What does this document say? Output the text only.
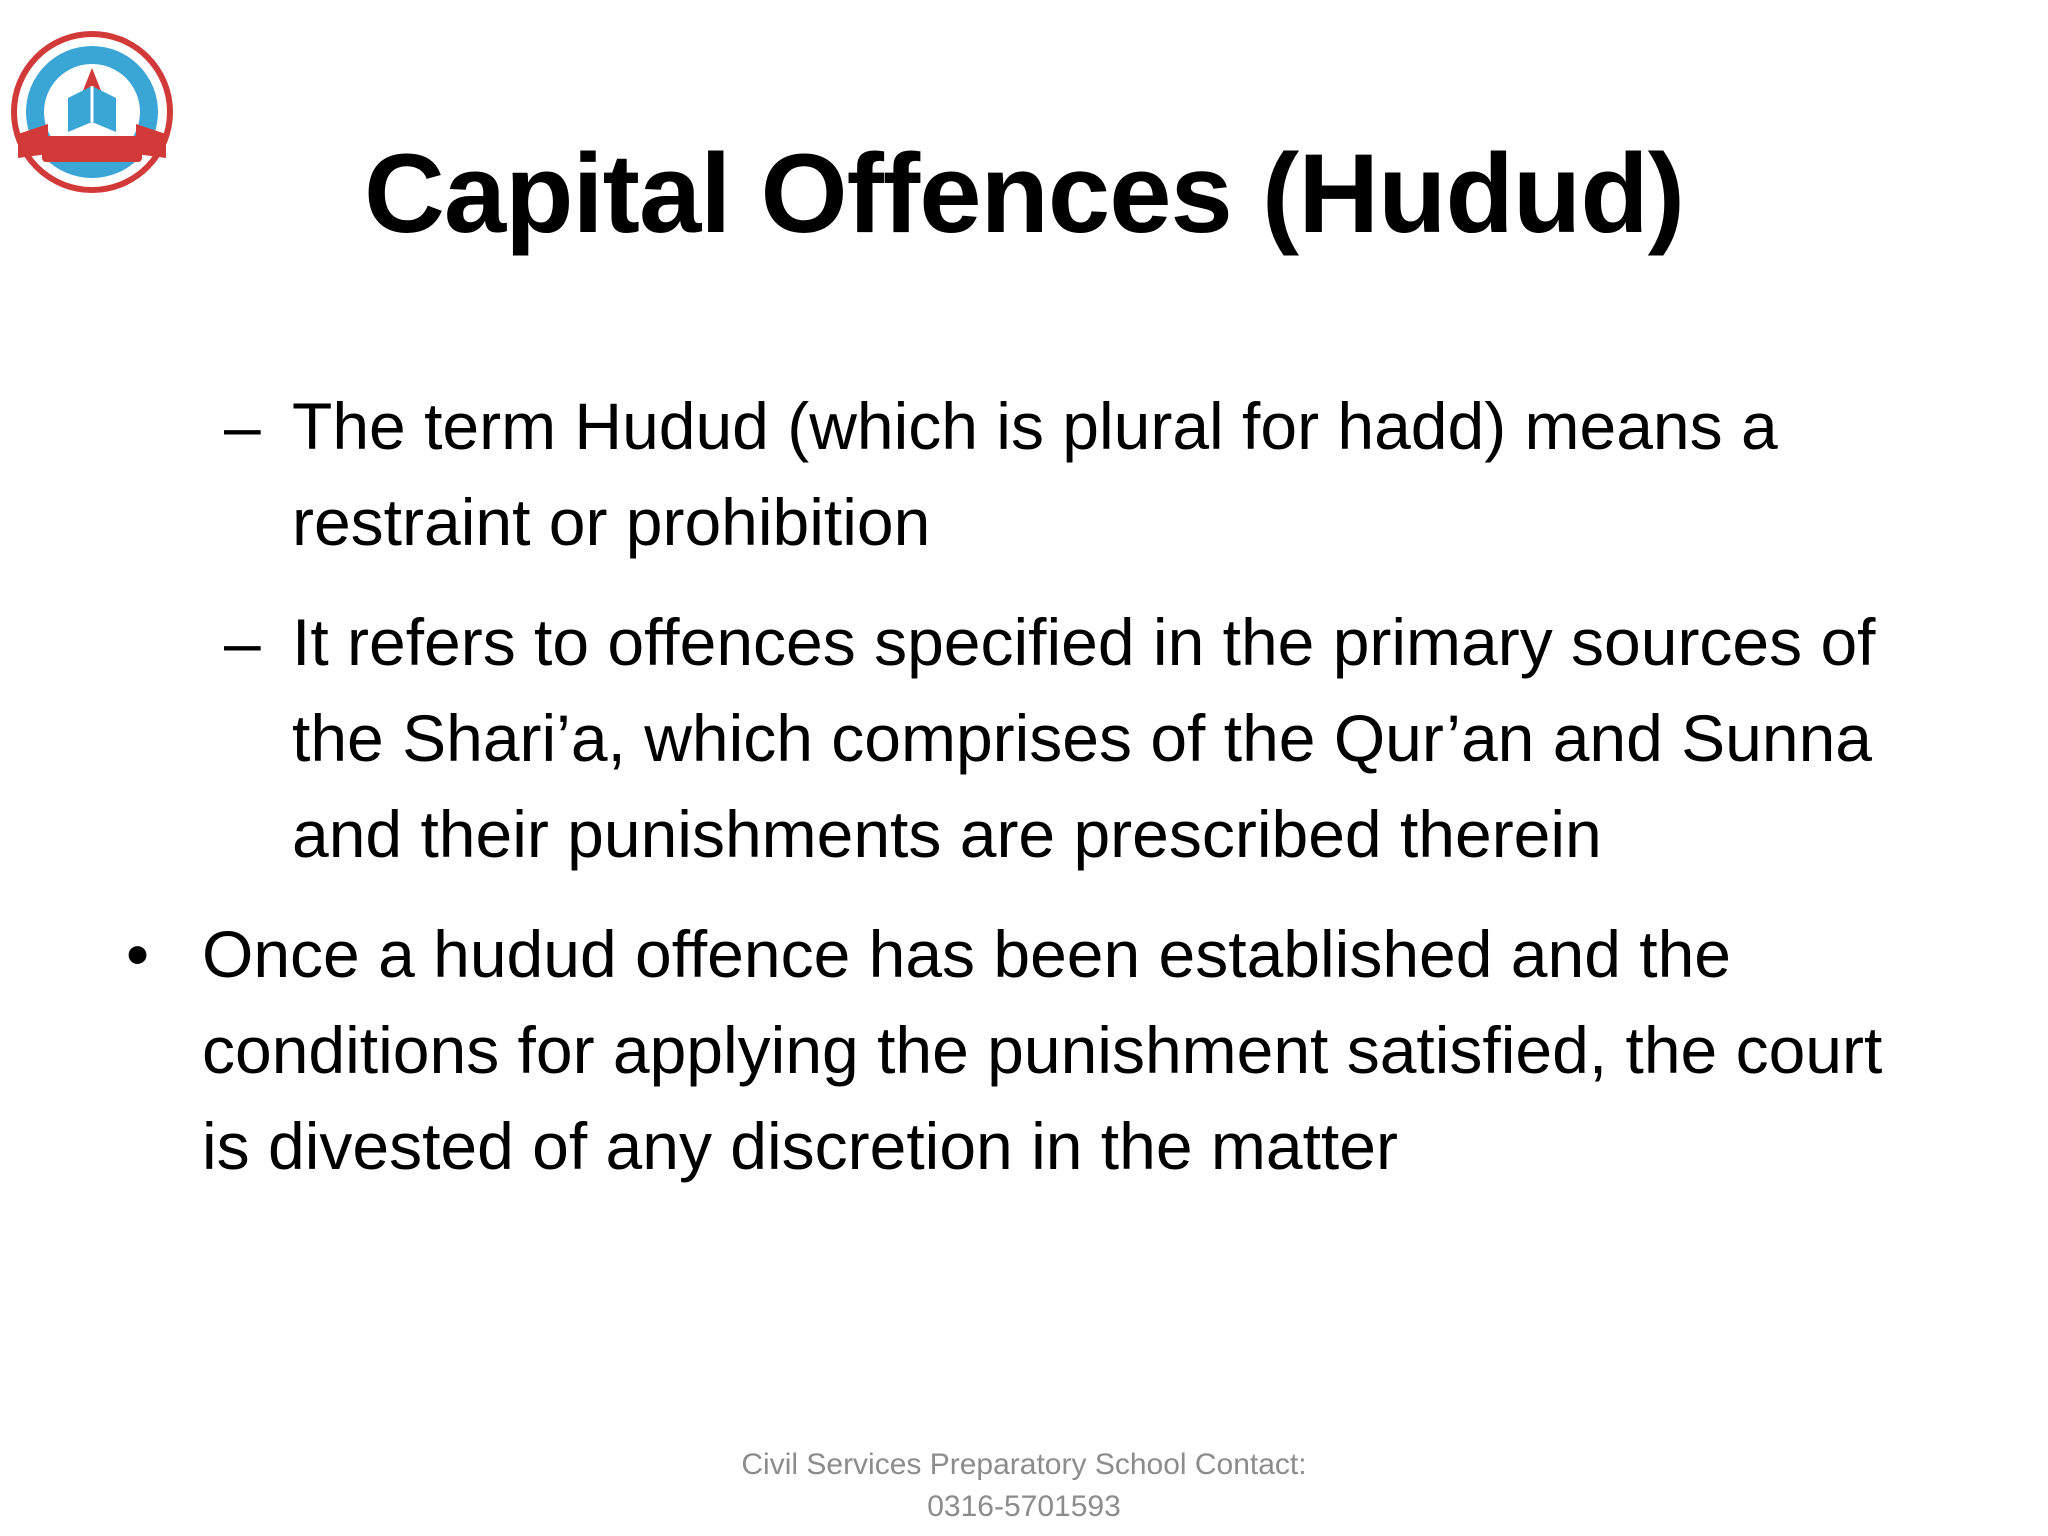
Capital Offences (Hudud)
– The term Hudud (which is plural for hadd) means a restraint or prohibition
– It refers to offences specified in the primary sources of the Shari’a, which comprises of the Qur’an and Sunna and their punishments are prescribed therein
• Once a hudud offence has been established and the conditions for applying the punishment satisfied, the court is divested of any discretion in the matter
Civil Services Preparatory School Contact:
0316-5701593
